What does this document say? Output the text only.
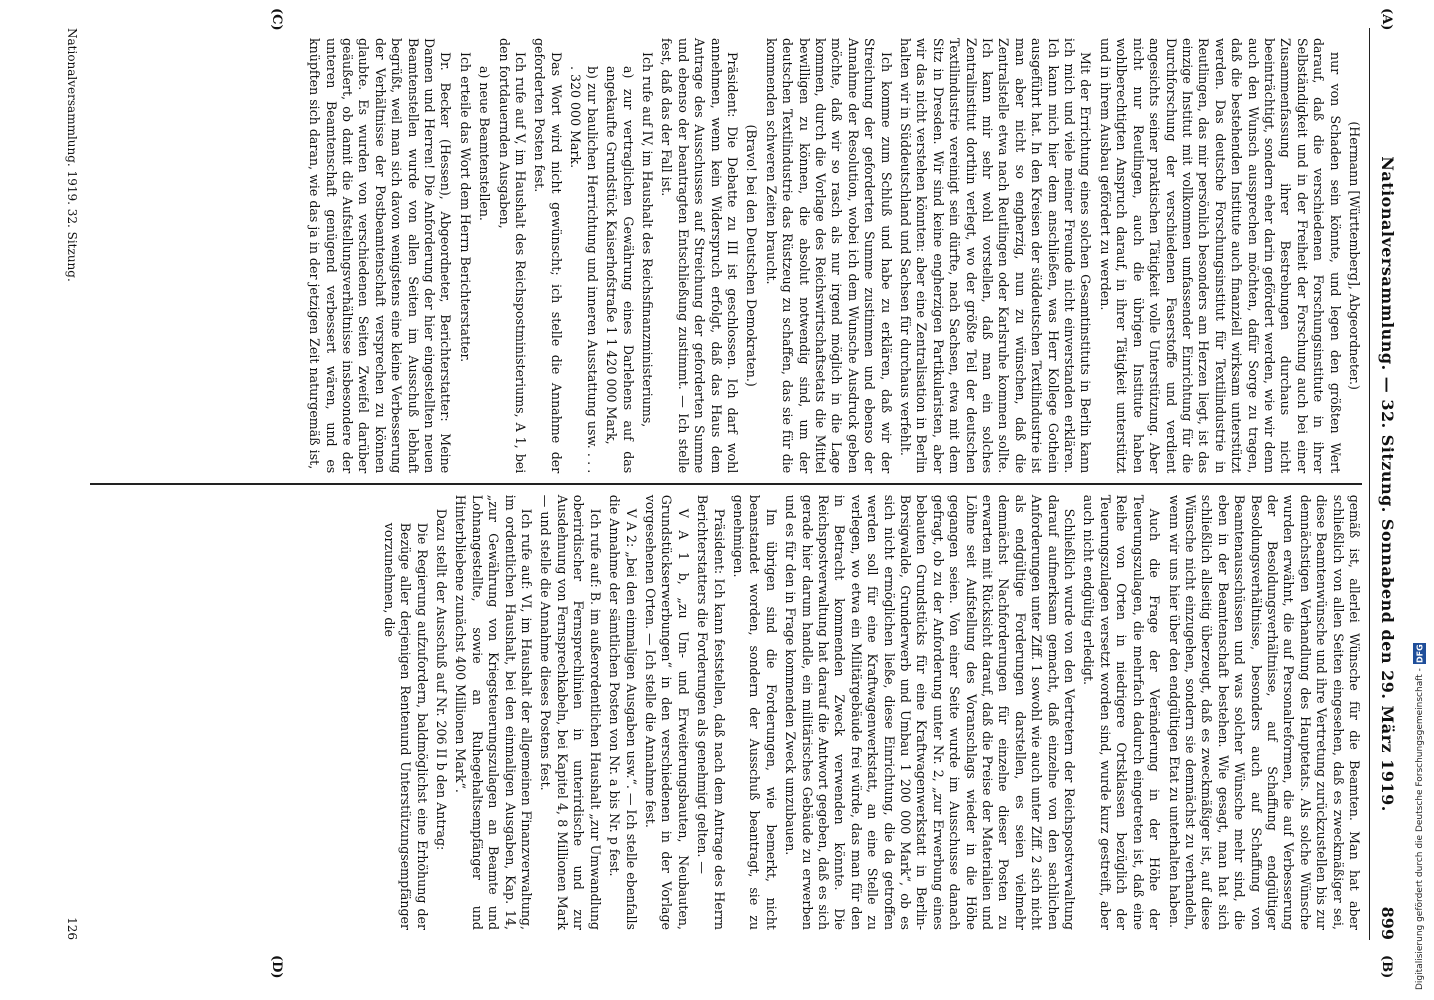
Nationalversammlung. — 32. Sitzung. Sonnabend den 29. März 1919.
899

(Hermann [Württemberg], Abgeordneter.)

nur von Schaden sein könnte, und legen den größten Wert darauf, daß die verschiedenen Forschungsinstitute in ihrer Selbständigkeit und in der Freiheit der Forschung auch bei einer Zusammenfassung ihrer Bestrebungen durchaus nicht beeinträchtigt, sondern eher darin gefördert werden, wie wir denn auch den Wunsch aussprechen möchten, dafür Sorge zu tragen, daß die bestehenden Institute auch finanziell wirksam unterstützt werden. Das deutsche Forschungsinstitut für Textilindustrie in Reutlingen, das mir persönlich besonders am Herzen liegt, ist das einzige Institut mit vollkommen umfassender Einrichtung für die Durchforschung der verschiedenen Faserstoffe und verdient angesichts seiner praktischen Tätigkeit volle Unterstützung. Aber nicht nur Reutlingen, auch die übrigen Institute haben wohlberechtigten Anspruch darauf, in ihrer Tätigkeit unterstützt und in ihrem Ausbau gefördert zu werden.

Mit der Errichtung eines solchen Gesamtinstituts in Berlin kann ich mich und viele meiner Freunde nicht einverstanden erklären. Ich kann mich hier dem anschließen, was Herr Kollege Gothein ausgeführt hat. In den Kreisen der süddeutschen Textilindustrie ist man aber nicht so engherzig, nun zu wünschen, daß die Zentralstelle etwa nach Reutlingen oder Karlsruhe kommen sollte. Ich kann mir sehr wohl vorstellen, daß man ein solches Zentralinstitut dorthin verlegt, wo der größte Teil der deutschen Textilindustrie vereinigt sein dürfte, nach Sachsen, etwa mit dem Sitz in Dresden. Wir sind keine engherzigen Partikularisten, aber wir das nicht verstehen könnten: aber eine Zentralisation in Berlin halten wir in Süddeutschland und Sachsen für durchaus verfehlt.

Ich komme zum Schluß und habe zu erklären, daß wir der Streichung der geforderten Summe zustimmen und ebenso der Annahme der Resolution, wobei ich dem Wunsche Ausdruck geben möchte, daß wir so rasch als nur irgend möglich in die Lage kommen, durch die Vorlage des Reichswirtschaftsetats die Mittel bewilligen zu können, die absolut notwendig sind, um der deutschen Textilindustrie das Rüstzeug zu schaffen, das sie für die kommenden schweren Zeiten braucht.

(Bravo! bei den Deutschen Demokraten.)

Präsident: Die Debatte zu III ist geschlossen. Ich darf wohl annehmen, wenn kein Widerspruch erfolgt, daß das Haus dem Antrage des Ausschusses auf Streichung der geforderten Summe und ebenso der beantragten Entschließung zustimmt. — Ich stelle fest, daß das der Fall ist.

Ich rufe auf IV, im Haushalt des Reichsfinanzministeriums,

a) zur vertraglichen Gewährung eines Darlehens auf das angekaufte Grundstück Kaiserhofstraße 1 1 420 000 Mark,

b) zur baulichen Herrichtung und inneren Ausstattung usw. . . . . 320 000 Mark.

Das Wort wird nicht gewünscht; ich stelle die Annahme der geforderten Posten fest.

Ich rufe auf V, im Haushalt des Reichspostministeriums, A 1, bei den fortdauernden Ausgaben,

a) neue Beamtenstellen.

Ich erteile das Wort dem Herrn Berichterstatter.

Dr. Becker (Hessen), Abgeordneter, Berichterstatter: Meine Damen und Herren! Die Anforderung der hier eingestellten neuen Beamtenstellen wurde von allen Seiten im Ausschuß lebhaft begrüßt, weil man sich davon wenigstens eine kleine Verbesserung der Verhältnisse der Postbeamtenschaft versprechen zu können glaubte. Es wurden von verschiedenen Seiten Zweifel darüber geäußert, ob damit die Aufstellungsverhältnisse insbesondere der unteren Beamtenschaft genügend verbessert wären, und es knüpften sich daran, wie das ja in der jetzigen Zeit naturgemäß ist,

gemäß ist, allerlei Wünsche für die Beamten. Man hat aber schließlich von allen Seiten eingesehen, daß es zweckmäßiger sei, diese Beamtenwünsche und ihre Vertretung zurückzustellen bis zur demnächstigen Verhandlung des Hauptetats. Als solche Wünsche wurden erwähnt, die auf Personalreformen, die auf Verbesserung der Besoldungsverhältnisse, auf Schaffung endgültiger Besoldungsverhältnisse, besonders auch auf Schaffung von Beamtenausschüssen und was solcher Wünsche mehr sind, die eben in der Beamtenschaft bestehen. Wie gesagt, man hat sich schließlich allseitig überzeugt, daß es zweckmäßiger ist, auf diese Wünsche nicht einzugehen, sondern sie demnächst zu verhandeln, wenn wir uns hier über den endgültigen Etat zu unterhalten haben.

Auch die Frage der Veränderung in der Höhe der Teuerungszulagen, die mehrfach dadurch eingetreten ist, daß eine Reihe von Orten in niedrigere Ortsklassen bezüglich der Teuerungszulagen versetzt worden sind, wurde kurz gestreift, aber auch nicht endgültig erledigt.

Schließlich wurde von den Vertretern der Reichspostverwaltung darauf aufmerksam gemacht, daß einzelne von den sachlichen Anforderungen unter Ziff. 1 sowohl wie auch unter Ziff. 2 sich nicht als endgültige Forderungen darstellen, es seien vielmehr demnächst Nachforderungen für einzelne dieser Posten zu erwarten mit Rücksicht darauf, daß die Preise der Materialien und Löhne seit Aufstellung des Voranschlags wieder in die Höhe gegangen seien. Von einer Seite wurde im Ausschusse danach gefragt, ob zu der Anforderung unter Nr. 2, „zur Erwerbung eines bebauten Grundstücks für eine Kraftwagenwerkstatt in Berlin-Borsigwalde, Grunderwerb und Umbau 1 200 000 Mark“, ob es sich nicht ermöglichen ließe, diese Einrichtung, die da getroffen werden soll für eine Kraftwagenwerkstatt, an eine Stelle zu verlegen, wo etwa ein Militärgebäude frei würde, das man für den in Betracht kommenden Zweck verwenden könnte. Die Reichspostverwaltung hat darauf die Antwort gegeben, daß es sich gerade hier darum handle, ein militärisches Gebäude zu erwerben und es für den in Frage kommenden Zweck umzubauen.

Im übrigen sind die Forderungen, wie bemerkt, nicht beanstandet worden, sondern der Ausschuß beantragt, sie zu genehmigen.

Präsident: Ich kann feststellen, daß nach dem Antrage des Herrn Berichterstatters die Forderungen als genehmigt gelten. —

V A 1 b, „zu Um- und Erweiterungsbauten, Neubauten, Grundstückserwerbungen“ in den verschiedenen in der Vorlage vorgesehenen Orten. — Ich stelle die Annahme fest.

V A 2: „bei den einmaligen Ausgaben usw.“. — Ich stelle ebenfalls die Annahme der sämtlichen Posten von Nr. a bis Nr. p fest.

Ich rufe auf: B. im außerordentlichen Haushalt „zur Umwandlung oberirdischer Fernsprechlinien in unterirdische und zur Ausdehnung von Fernsprechkabeln, bei Kapitel 4, 8 Millionen Mark — und stelle die Annahme dieses Postens fest.

Ich rufe auf: VI, im Haushalt der allgemeinen Finanzverwaltung, im ordentlichen Haushalt, bei den einmaligen Ausgaben, Kap. 14, „zur Gewährung von Kriegsteuerungszulagen an Beamte und Lohnangestellte, sowie an Ruhegehaltsempfänger und Hinterbliebene zunächst 400 Millionen Mark“.

Dazu stellt der Ausschuß auf Nr. 206 II b den Antrag:

Die Regierung aufzufordern, baldmöglichst eine Erhöhung der Bezüge aller derjenigen Rentenund Unterstützungsempfänger vorzunehmen, die

Nationalversammlung. 1919. 32. Sitzung.
126
(A)
(C)
(B)
(D)	Digitalisierung gefördert durch die Deutsche Forschungsgemeinschaft -
DFG
